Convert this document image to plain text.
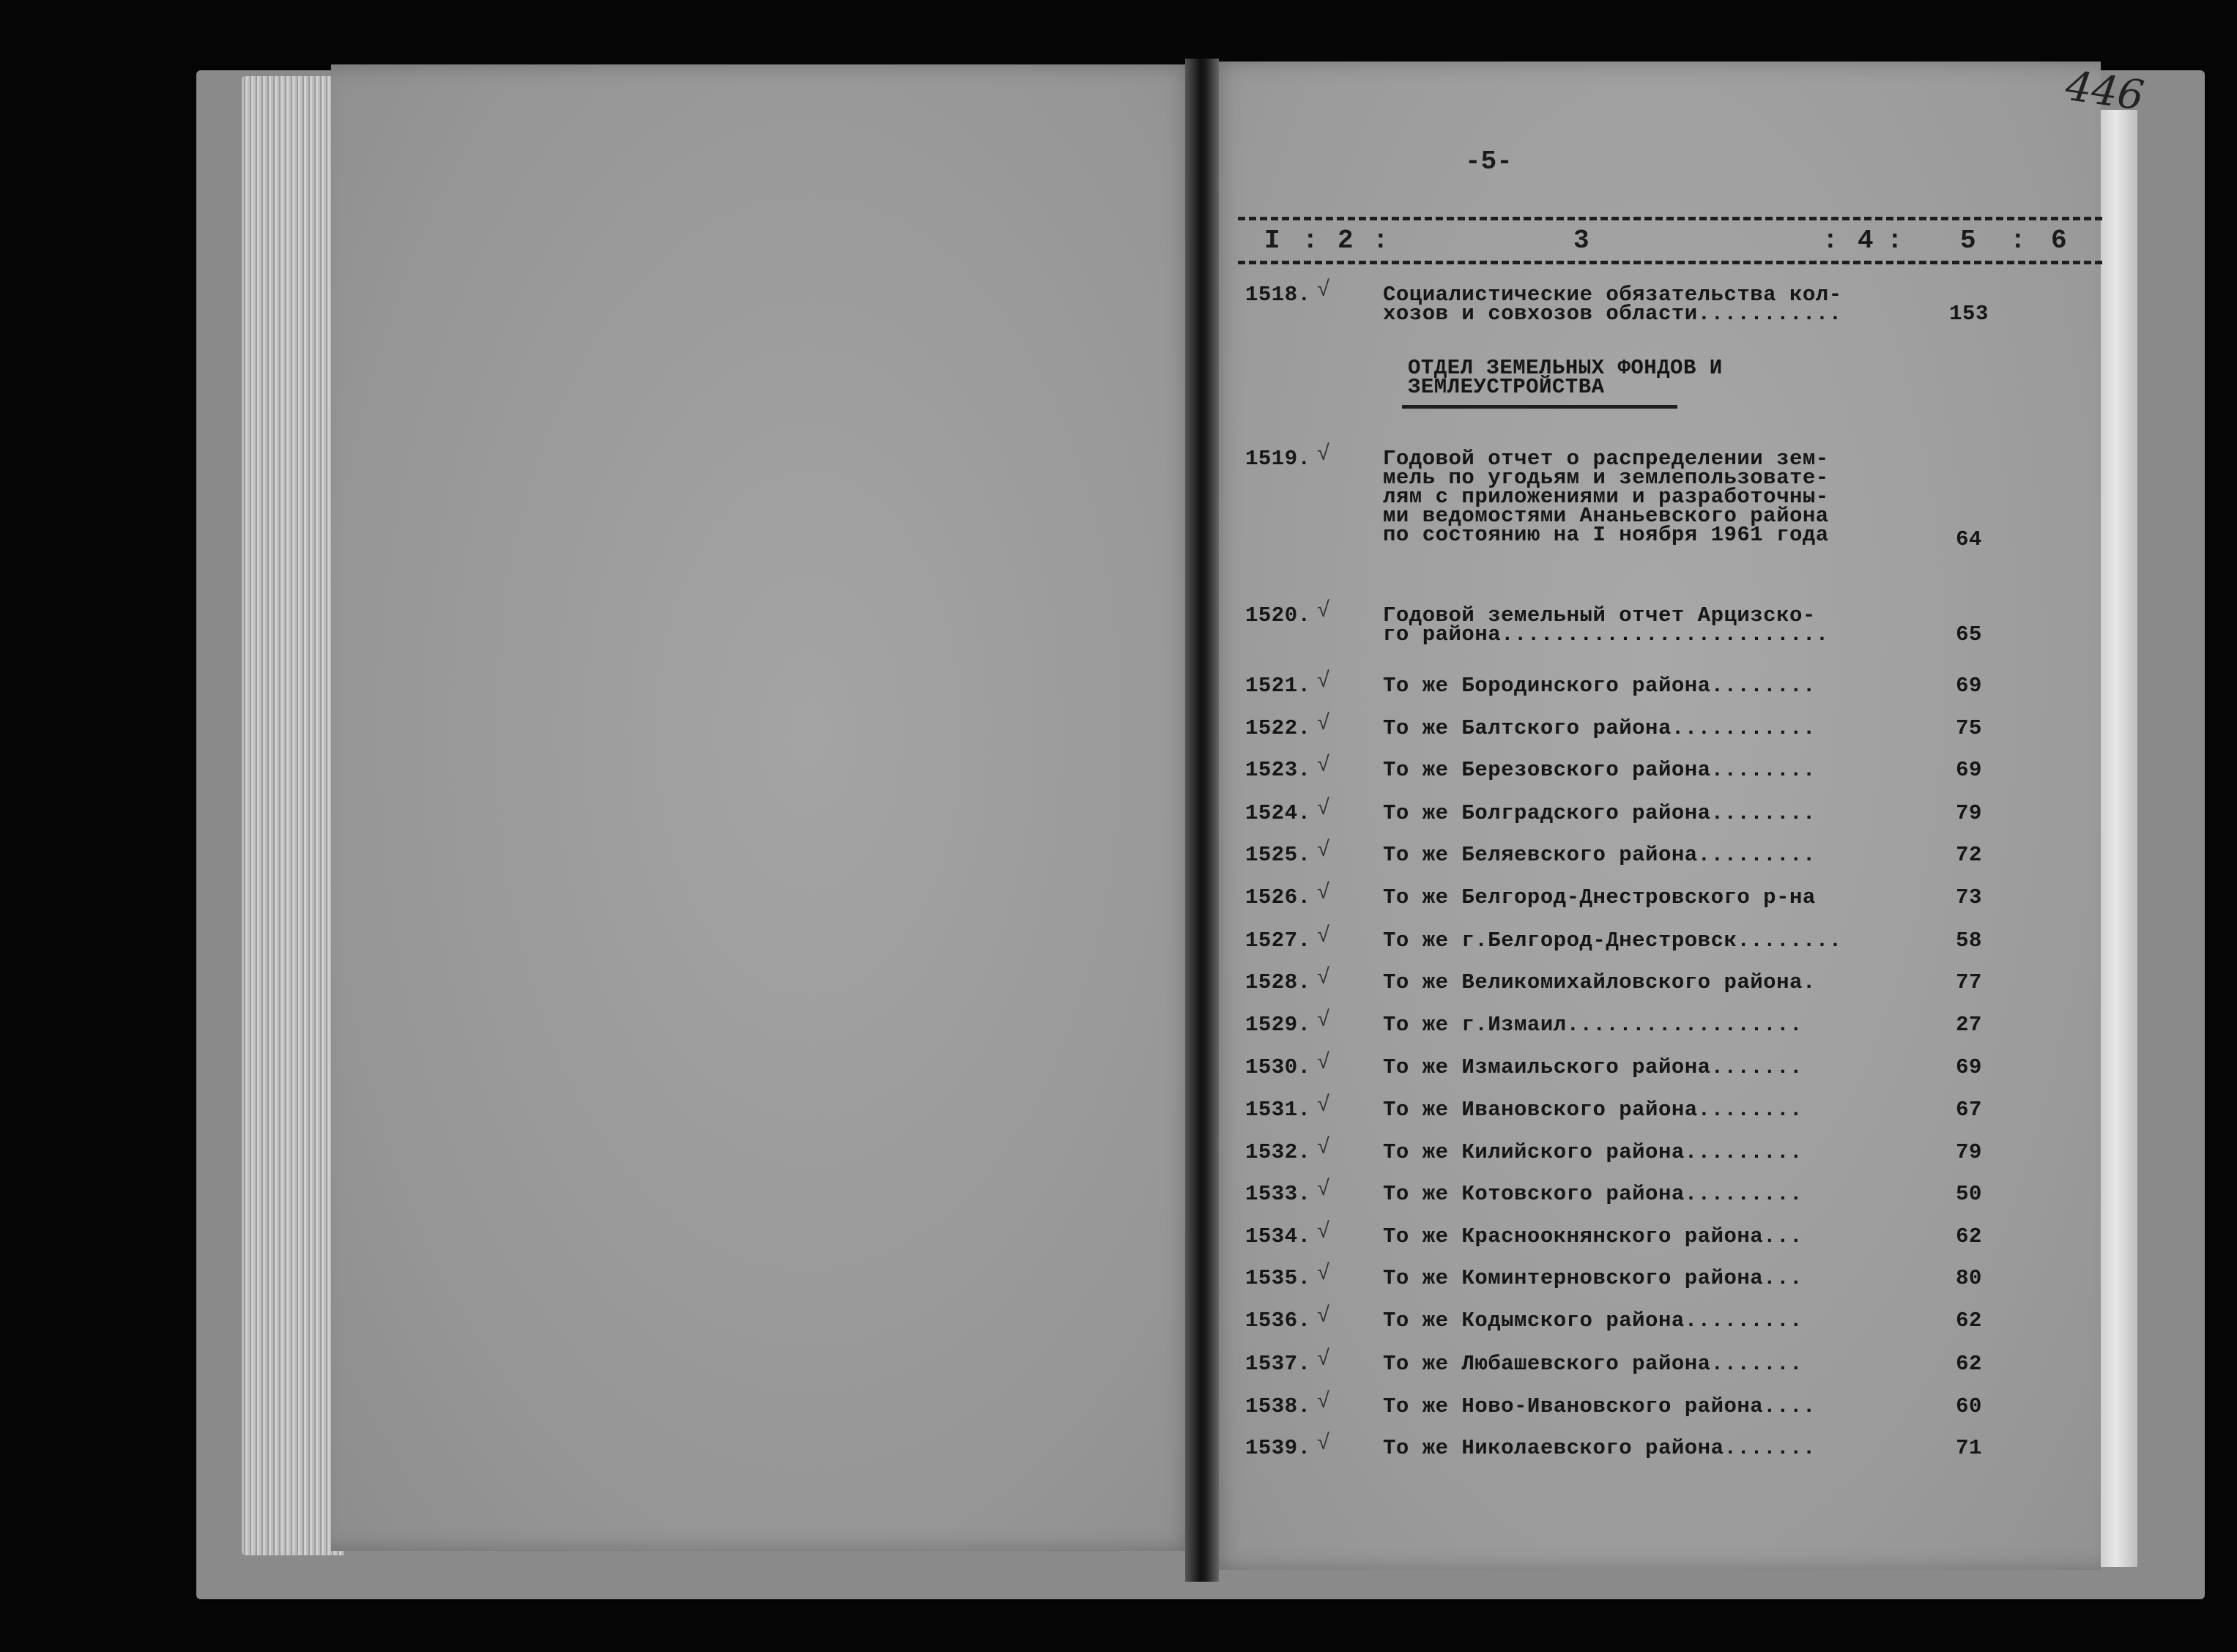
446
-5-
I : 2 :	3	: 4 : 5 : 6
ОТДЕЛ ЗЕМЕЛЬНЫХ ФОНДОВ И
ЗЕМЛЕУСТРОЙСТВА
1518. √ Социалистические обязательства кол-
хозов и совхозов области...........	153
1519. √ Годовой отчет о распределении зем-
мель по угодьям и землепользовате-
лям с приложениями и разработочны-
ми ведомостями Ананьевского района
по состоянию на I ноября 1961 года	64
1520. √ Годовой земельный отчет Арцизско-
го района.........................	65
1521. √ То же Бородинского района........	69
1522. √ То же Балтского района...........	75
1523. √ То же Березовского района........	69
1524. √ То же Болградского района........	79
1525. √ То же Беляевского района.........	72
1526. √ То же Белгород-Днестровского р-на	73
1527. √ То же г.Белгород-Днестровск........	58
1528. √ То же Великомихайловского района.	77
1529. √ То же г.Измаил..................	27
1530. √ То же Измаильского района.......	69
1531. √ То же Ивановского района........	67
1532. √ То же Килийского района.........	79
1533. √ То же Котовского района.........	50
1534. √ То же Красноокнянского района...	62
1535. √ То же Коминтерновского района...	80
1536. √ То же Кодымского района.........	62
1537. √ То же Любашевского района.......	62
1538. √ То же Ново-Ивановского района....	60
1539. √ То же Николаевского района.......	71
